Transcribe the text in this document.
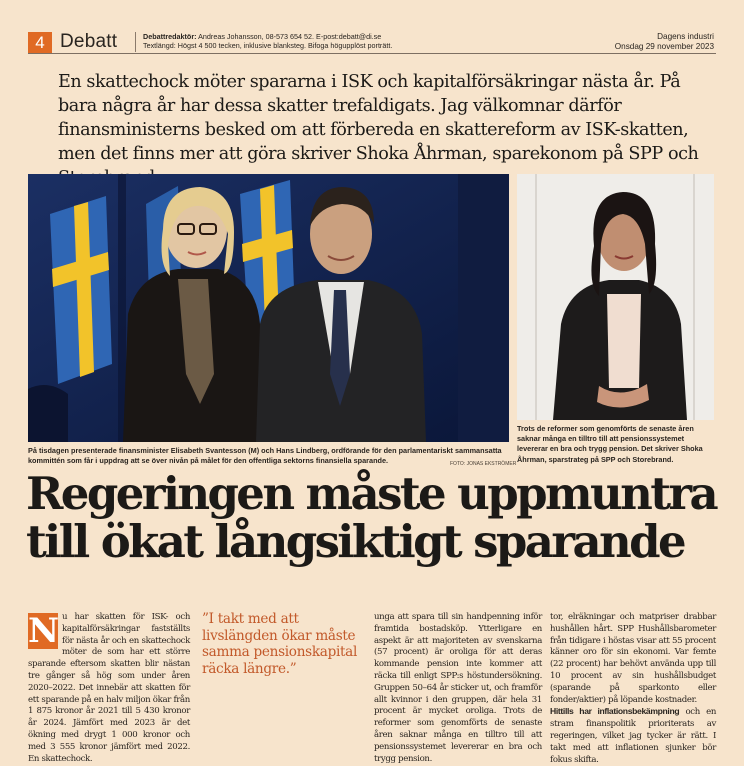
4 Debatt	Debattredaktör: Andreas Johansson, 08-573 654 52. E-post:debatt@di.se
Textlängd: Högst 4 500 tecken, inklusive blanksteg. Bifoga högupplöst porträtt.
Dagens industri
Onsdag 29 november 2023
En skattechock möter spararna i ISK och kapitalförsäkringar nästa år. På bara några år har dessa skatter trefaldigats. Jag välkomnar därför finansministerns besked om att förbereda en skattereform av ISK-skatten, men det finns mer att göra skriver Shoka Åhrman, sparekonom på SPP och
På tisdagen presenterade finansminister Elisabeth Svantesson (M) och Hans Lindberg, ordförande för den parlamentariskt sammansatta kommittén som får i uppdrag att se över nivån på målet för den offentliga sektorns finansiella sparande.	FOTO: JONAS EKSTRÖMER
Trots de reformer som genomförts de senaste åren saknar många en tilltro till att pensionssystemet levererar en bra och trygg pension. Det skriver Shoka Åhrman, sparstrateg på SPP och Storebrand.
Regeringen måste uppmuntra till ökat långsiktigt sparande
N u har skatten för ISK- och kapitalförsäkringar fastställts för nästa år och en skattechock möter de som har ett större sparande eftersom skatten blir nästan tre gånger så hög som under åren 2020–2022. Det innebär att skatten för ett sparande på en halv miljon ökar från 1 875 kronor år 2021 till 5 430 kronor år 2024. Jämfört med 2023 är det ökning med drygt 1 000 kronor och med 3 555 kronor jämfört med 2022. En skattechock.
”I takt med att livslängden ökar måste samma pensionskapital räcka längre.”
unga att spara till sin handpenning inför framtida bostadsköp. Ytterligare en aspekt är att majoriteten av svenskarna (57 procent) är oroliga för att deras kommande pension inte kommer att räcka till enligt SPP:s höstundersökning. Gruppen 50–64 år sticker ut, och framför allt kvinnor i den gruppen, där hela 31 procent är mycket oroliga. Trots de reformer som genomförts de senaste åren saknar många en tilltro till att pensionssystemet levererar en bra och trygg pension.
tor, elräkningar och matpriser drabbar hushållen hårt. SPP Hushållsbarometer från tidigare i höstas visar att 55 procent känner oro för sin ekonomi. Var femte (22 procent) har behövt använda upp till 10 procent av sin hushållsbudget (sparande på sparkonto eller fonder/aktier) på löpande kostnader.
Hittills har inflationsbekämpning och en stram finanspolitik prioriterats av regeringen, vilket jag tycker är rätt. I takt med att inflationen sjunker bör fokus skifta.
